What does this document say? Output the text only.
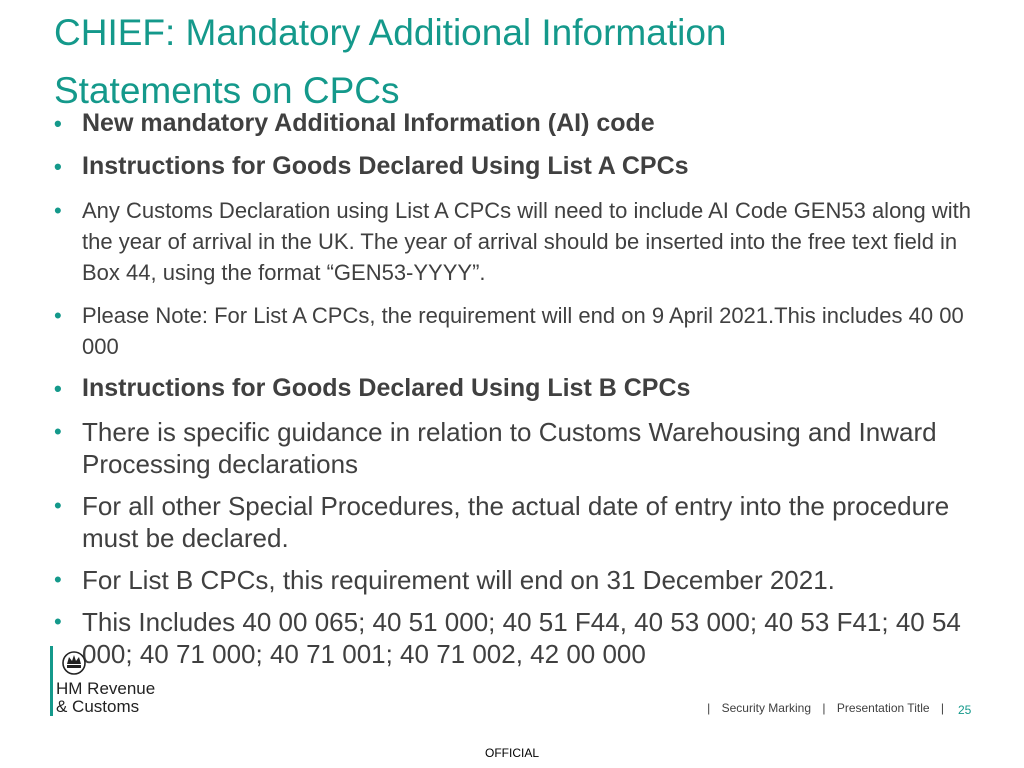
CHIEF: Mandatory Additional Information
Statements on CPCs
• New mandatory Additional Information (AI) code
• Instructions for Goods Declared Using List A CPCs
• Any Customs Declaration using List A CPCs will need to include AI Code GEN53 along with the year of arrival in the UK. The year of arrival should be inserted into the free text field in Box 44, using the format “GEN53-YYYY”.
• Please Note: For List A CPCs, the requirement will end on 9 April 2021.This includes 40 00 000
• Instructions for Goods Declared Using List B CPCs
• There is specific guidance in relation to Customs Warehousing and Inward Processing declarations
• For all other Special Procedures, the actual date of entry into the procedure must be declared.
• For List B CPCs, this requirement will end on 31 December 2021.
• This Includes 40 00 065; 40 51 000; 40 51 F44, 40 53 000; 40 53 F41; 40 54 000; 40 71 000; 40 71 001; 40 71 002, 42 00 000
HM Revenue
& Customs	| Security Marking | Presentation Title | 25
OFFICIAL
